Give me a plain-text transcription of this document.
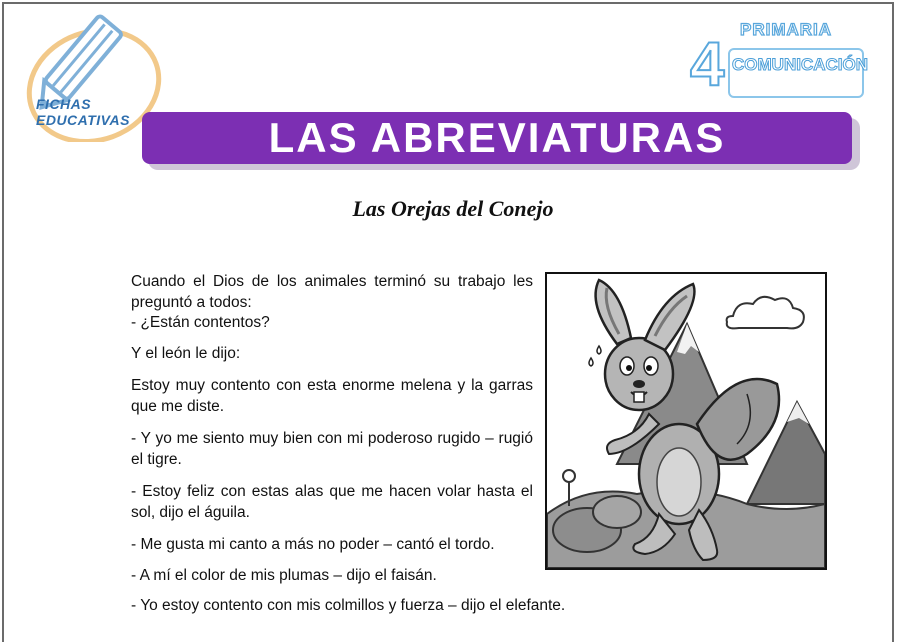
FICHAS
EDUCATIVAS
PRIMARIA
4 COMUNICACIÓN
LAS ABREVIATURAS
Las Orejas del Conejo

Cuando el Dios de los animales terminó su trabajo les preguntó a todos:
- ¿Están contentos?

Y el león le dijo:

Estoy muy contento con esta enorme melena y la garras que me diste.

- Y yo me siento muy bien con mi poderoso rugido – rugió el tigre.

- Estoy feliz con estas alas que me hacen volar hasta el sol, dijo el águila.

- Me gusta mi canto a más no poder – cantó el tordo.

- A mí el color de mis plumas – dijo el faisán.

- Yo estoy contento con mis colmillos y fuerza – dijo el elefante.
